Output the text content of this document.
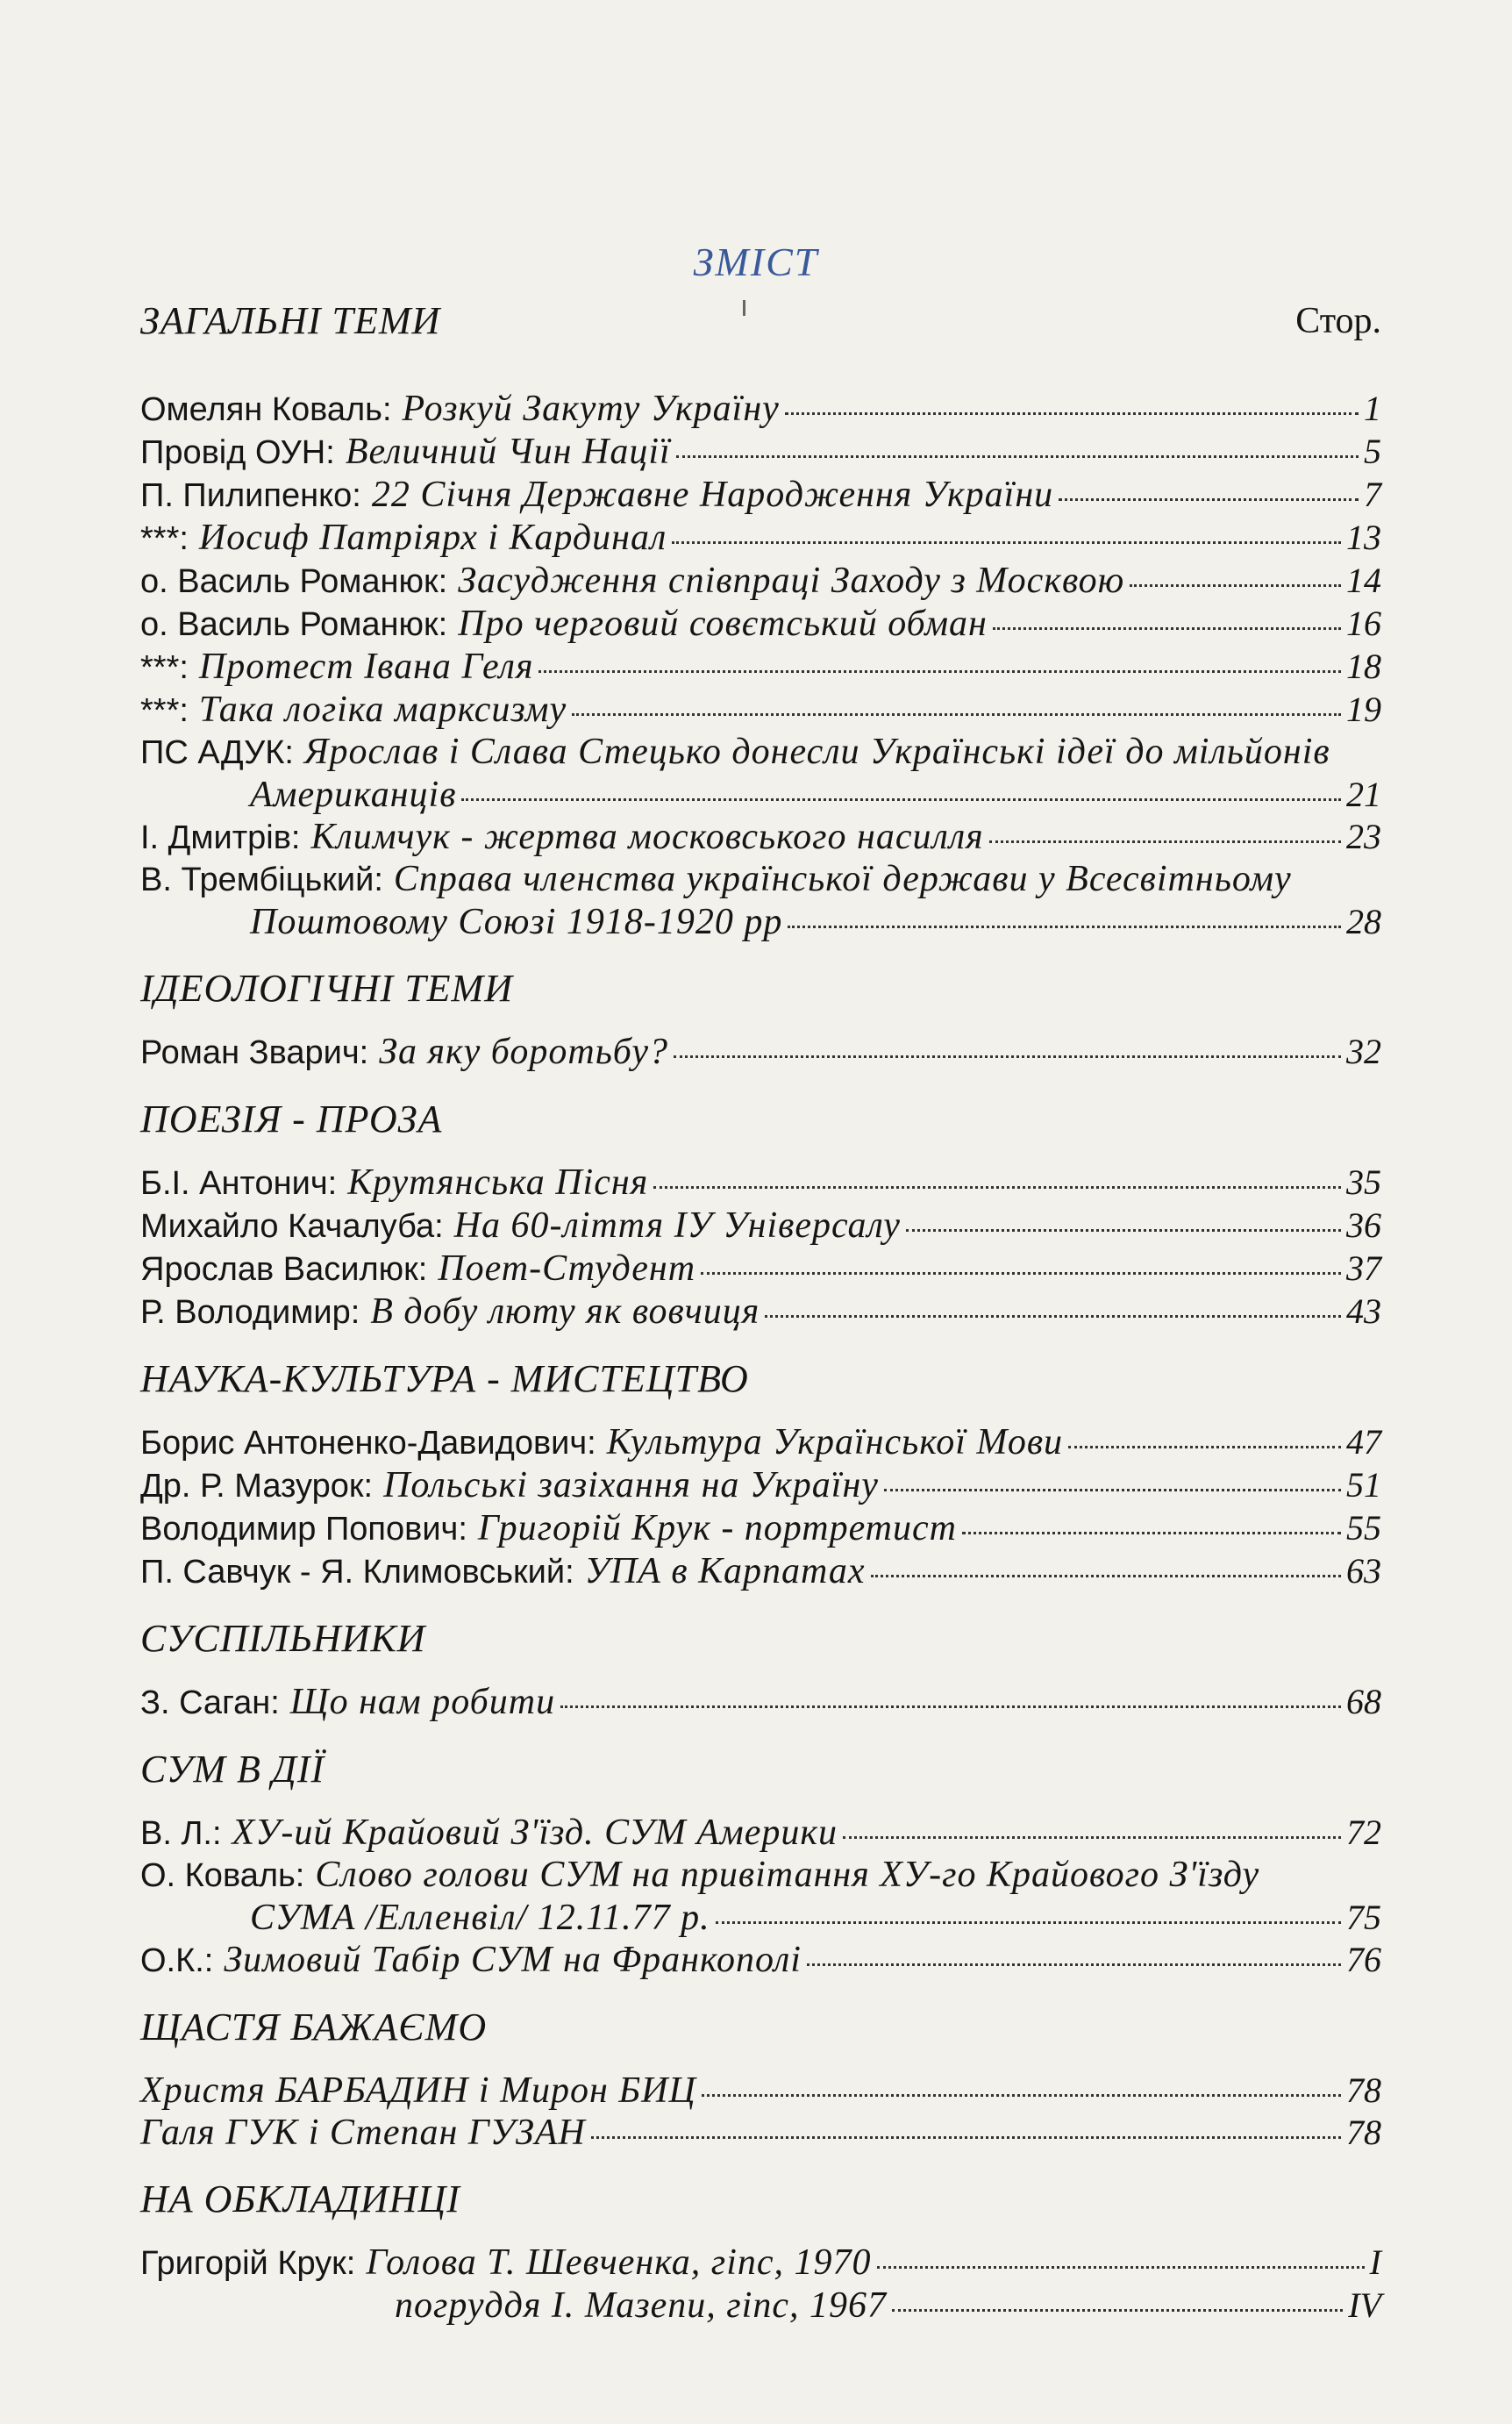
ЗМІСТ
ЗАГАЛЬНІ ТЕМИ	Стор.
Омелян Коваль: Розкуй Закуту Україну	1
Провід ОУН: Величний Чин Нації	5
П. Пилипенко: 22 Січня Державне Народження України	7
***: Иосиф Патріярх і Кардинал	13
о. Василь Романюк: Засудження співпраці Заходу з Москвою	14
о. Василь Романюк: Про черговий совєтський обман	16
***: Протест Івана Геля	18
***: Така логіка марксизму	19
ПС АДУК: Ярослав і Слава Стецько донесли Українські ідеї до мільйонів
Американців	21
І. Дмитрів: Климчук - жертва московського насилля	23
В. Трембіцький: Справа членства української держави у Всесвітньому
Поштовому Союзі 1918-1920 рр	28
ІДЕОЛОГІЧНІ ТЕМИ
Роман Зварич: За яку боротьбу?	32
ПОЕЗІЯ - ПРОЗА
Б.І. Антонич: Крутянська Пісня	35
Михайло Качалуба: На 60-ліття ІУ Універсалу	36
Ярослав Василюк: Поет-Студент	37
Р. Володимир: В добу люту як вовчиця	43
НАУКА-КУЛЬТУРА - МИСТЕЦТВО
Борис Антоненко-Давидович: Культура Української Мови	47
Др. Р. Мазурок: Польські зазіхання на Україну	51
Володимир Попович: Григорій Крук - портретист	55
П. Савчук - Я. Климовський: УПА в Карпатах	63
СУСПІЛЬНИКИ
З. Саган: Що нам робити	68
СУМ В ДІЇ
В. Л.: ХУ-ий Крайовий З'їзд. СУМ Америки	72
О. Коваль: Слово голови СУМ на привітання ХУ-го Крайового З'їзду
СУМА /Елленвіл/ 12.11.77 р.	75
О.К.: Зимовий Табір СУМ на Франкополі	76
ЩАСТЯ БАЖАЄМО
Христя БАРБАДИН і Мирон БИЦ	78
Галя ГУК і Степан ГУЗАН	78
НА ОБКЛАДИНЦІ
Григорій Крук: Голова Т. Шевченка, гіпс, 1970	I
погруддя І. Мазепи, гіпс, 1967	IV
